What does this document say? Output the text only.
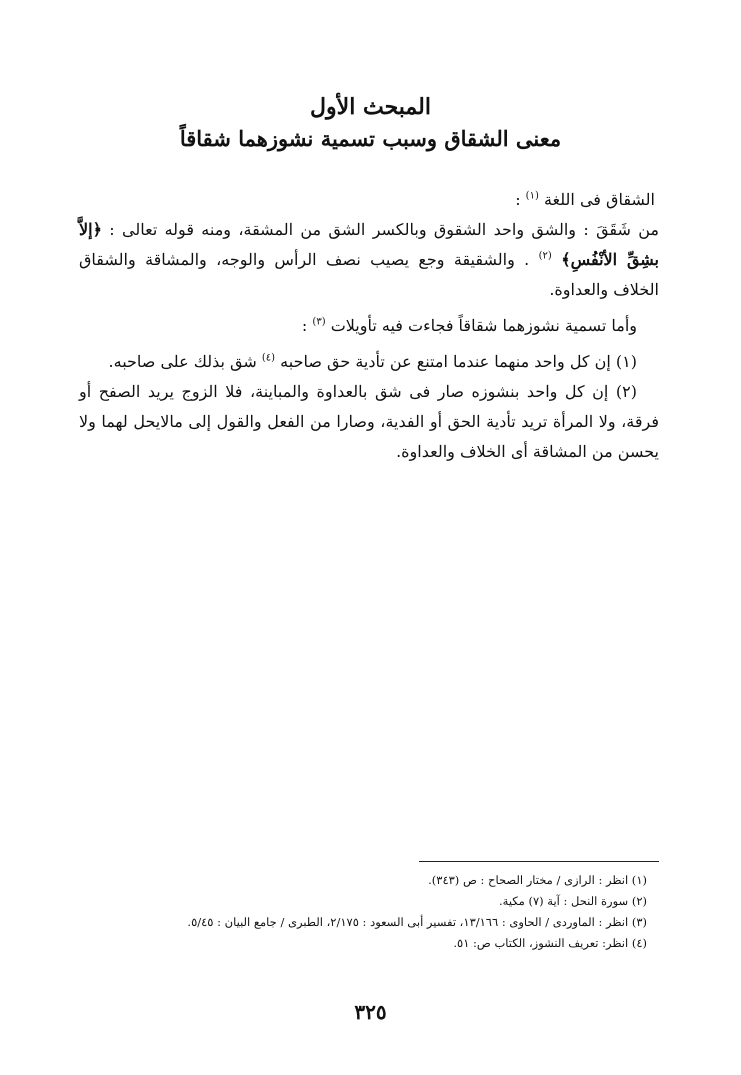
المبحث الأول
معنى الشقاق وسبب تسمية نشوزهما شقاقاً

الشقاق فى اللغة $^{(١)}$ :

من شَقَقَ : والشق واحد الشقوق وبالكسر الشق من المشقة، ومنه قوله تعالى : ﴿إلاَّ بشِقِّ الأنْفُسِ﴾ $^{(٢)}$ . والشقيقة وجع يصيب نصف الرأس والوجه، والمشاقة والشقاق الخلاف والعداوة.

وأما تسمية نشوزهما شقاقاً فجاءت فيه تأويلات $^{(٣)}$ :

(١) إن كل واحد منهما عندما امتنع عن تأدية حق صاحبه $^{(٤)}$ شق بذلك على صاحبه.

(٢) إن كل واحد بنشوزه صار فى شق بالعداوة والمباينة، فلا الزوج يريد الصفح أو فرقة، ولا المرأة تريد تأدية الحق أو الفدية، وصارا من الفعل والقول إلى مالايحل لهما ولا يحسن من المشاقة أى الخلاف والعداوة.

(١) انظر : الرازى / مختار الصحاح : ص (٣٤٣).
(٢) سورة النحل : آية (٧) مكية.
(٣) انظر : الماوردى / الحاوى : ١٣/١٦٦، تفسير أبى السعود : ٢/١٧٥، الطبرى / جامع البيان : ٥/٤٥.
(٤) انظر: تعريف النشوز، الكتاب ص: ٥١.
٣٢٥
